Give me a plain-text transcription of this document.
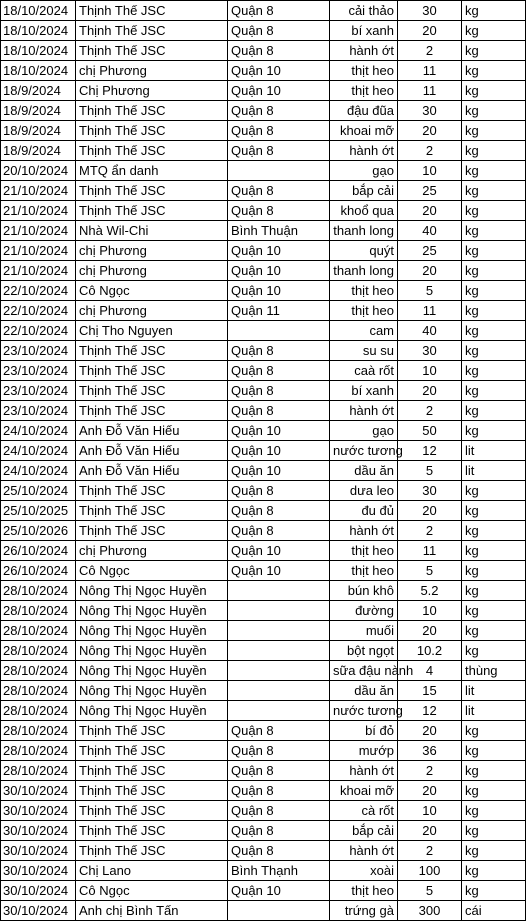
18/10/2024	Thịnh Thế JSC	Quận 8	cải thảo	30	kg
18/10/2024	Thịnh Thế JSC	Quận 8	bí xanh	20	kg
18/10/2024	Thịnh Thế JSC	Quận 8	hành ớt	2	kg
18/10/2024	chị Phương	Quận 10	thịt heo	11	kg
18/9/2024	Chị Phương	Quận 10	thịt heo	11	kg
18/9/2024	Thịnh Thế JSC	Quận 8	đậu đũa	30	kg
18/9/2024	Thịnh Thế JSC	Quận 8	khoai mỡ	20	kg
18/9/2024	Thịnh Thế JSC	Quận 8	hành ớt	2	kg
20/10/2024	MTQ ẩn danh		gạo	10	kg
21/10/2024	Thịnh Thế JSC	Quận 8	bắp cải	25	kg
21/10/2024	Thịnh Thế JSC	Quận 8	khoổ qua	20	kg
21/10/2024	Nhà Wil-Chi	Bình Thuận	thanh long	40	kg
21/10/2024	chị Phương	Quận 10	quýt	25	kg
21/10/2024	chị Phương	Quận 10	thanh long	20	kg
22/10/2024	Cô Ngọc	Quận 10	thịt heo	5	kg
22/10/2024	chị Phương	Quận 11	thịt heo	11	kg
22/10/2024	Chị Tho Nguyen		cam	40	kg
23/10/2024	Thịnh Thế JSC	Quận 8	su su	30	kg
23/10/2024	Thịnh Thế JSC	Quận 8	caà rốt	10	kg
23/10/2024	Thịnh Thế JSC	Quận 8	bí xanh	20	kg
23/10/2024	Thịnh Thế JSC	Quận 8	hành ớt	2	kg
24/10/2024	Anh Đỗ Văn Hiếu	Quận 10	gạo	50	kg
24/10/2024	Anh Đỗ Văn Hiếu	Quận 10	nước tương	12	lit
24/10/2024	Anh Đỗ Văn Hiếu	Quận 10	dầu ăn	5	lit
25/10/2024	Thịnh Thế JSC	Quận 8	dưa leo	30	kg
25/10/2025	Thịnh Thế JSC	Quận 8	đu đủ	20	kg
25/10/2026	Thịnh Thế JSC	Quận 8	hành ớt	2	kg
26/10/2024	chị Phương	Quận 10	thịt heo	11	kg
26/10/2024	Cô Ngọc	Quận 10	thịt heo	5	kg
28/10/2024	Nông Thị Ngọc Huyền		bún khô	5.2	kg
28/10/2024	Nông Thị Ngọc Huyền		đường	10	kg
28/10/2024	Nông Thị Ngọc Huyền		muối	20	kg
28/10/2024	Nông Thị Ngọc Huyền		bột ngọt	10.2	kg
28/10/2024	Nông Thị Ngọc Huyền		sữa đậu nành	4	thùng
28/10/2024	Nông Thị Ngọc Huyền		dầu ăn	15	lit
28/10/2024	Nông Thị Ngọc Huyền		nước tương	12	lit
28/10/2024	Thịnh Thế JSC	Quận 8	bí đỏ	20	kg
28/10/2024	Thịnh Thế JSC	Quận 8	mướp	36	kg
28/10/2024	Thịnh Thế JSC	Quận 8	hành ớt	2	kg
30/10/2024	Thịnh Thế JSC	Quận 8	khoai mỡ	20	kg
30/10/2024	Thịnh Thế JSC	Quận 8	cà rốt	10	kg
30/10/2024	Thịnh Thế JSC	Quận 8	bắp cải	20	kg
30/10/2024	Thịnh Thế JSC	Quận 8	hành ớt	2	kg
30/10/2024	Chị Lano	Bình Thạnh	xoài	100	kg
30/10/2024	Cô Ngọc	Quận 10	thịt heo	5	kg
30/10/2024	Anh chị Bình Tấn		trứng gà	300	cái
